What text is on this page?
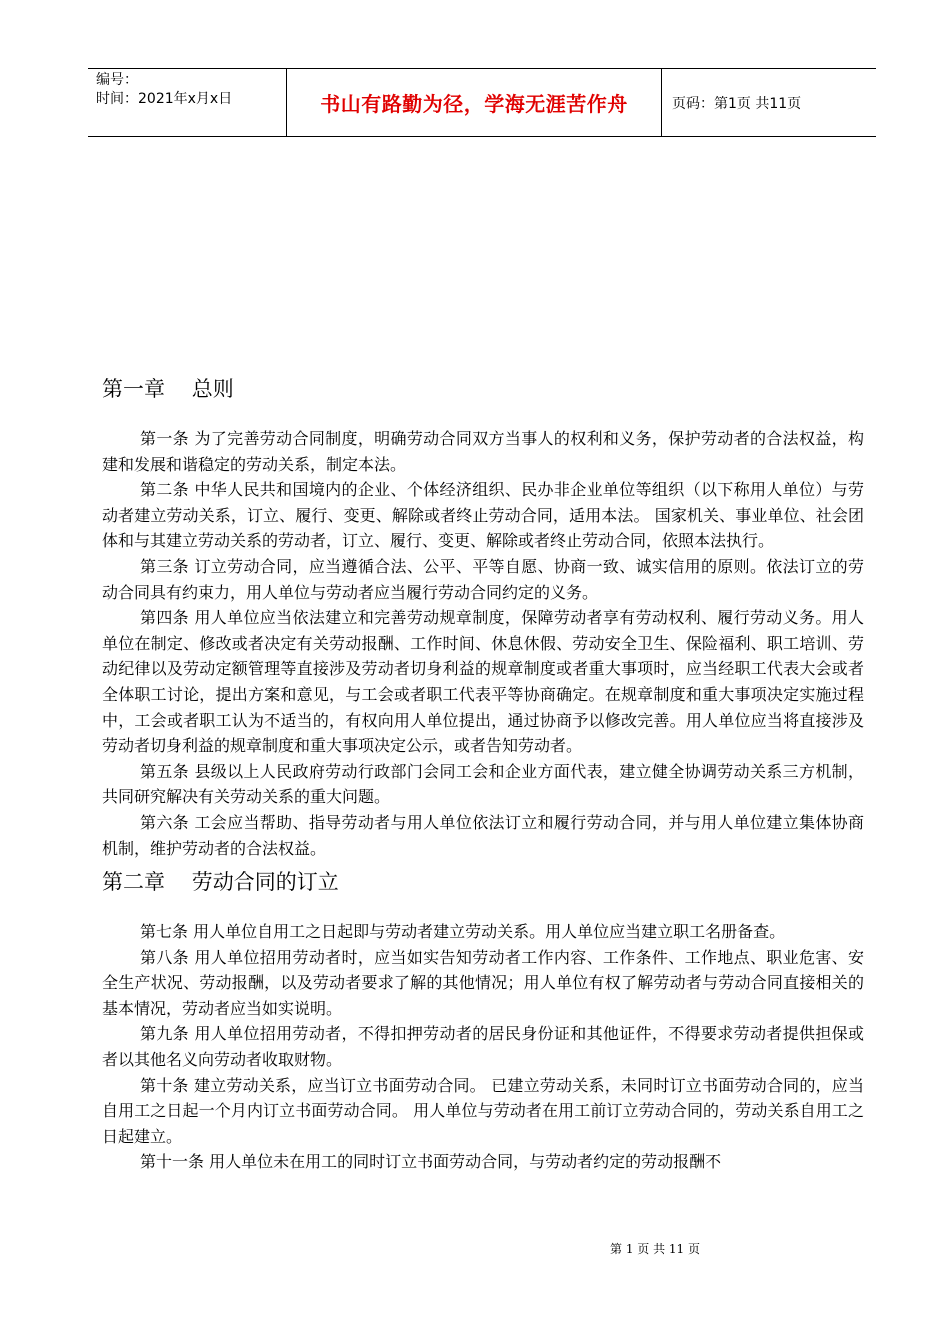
编号：
时间：2021年x月x日	书山有路勤为径，学海无涯苦作舟	页码：第1页 共11页
第一章    总则

第一条 为了完善劳动合同制度，明确劳动合同双方当事人的权利和义务，保护劳动者的合法权益，构建和发展和谐稳定的劳动关系，制定本法。

第二条 中华人民共和国境内的企业、个体经济组织、民办非企业单位等组织（以下称用人单位）与劳动者建立劳动关系，订立、履行、变更、解除或者终止劳动合同，适用本法。 国家机关、事业单位、社会团体和与其建立劳动关系的劳动者，订立、履行、变更、解除或者终止劳动合同，依照本法执行。

第三条 订立劳动合同，应当遵循合法、公平、平等自愿、协商一致、诚实信用的原则。依法订立的劳动合同具有约束力，用人单位与劳动者应当履行劳动合同约定的义务。

第四条 用人单位应当依法建立和完善劳动规章制度，保障劳动者享有劳动权利、履行劳动义务。用人单位在制定、修改或者决定有关劳动报酬、工作时间、休息休假、劳动安全卫生、保险福利、职工培训、劳动纪律以及劳动定额管理等直接涉及劳动者切身利益的规章制度或者重大事项时，应当经职工代表大会或者全体职工讨论，提出方案和意见，与工会或者职工代表平等协商确定。在规章制度和重大事项决定实施过程中，工会或者职工认为不适当的，有权向用人单位提出，通过协商予以修改完善。用人单位应当将直接涉及劳动者切身利益的规章制度和重大事项决定公示，或者告知劳动者。

第五条 县级以上人民政府劳动行政部门会同工会和企业方面代表，建立健全协调劳动关系三方机制，共同研究解决有关劳动关系的重大问题。

第六条 工会应当帮助、指导劳动者与用人单位依法订立和履行劳动合同，并与用人单位建立集体协商机制，维护劳动者的合法权益。

第二章    劳动合同的订立

第七条 用人单位自用工之日起即与劳动者建立劳动关系。用人单位应当建立职工名册备查。

第八条 用人单位招用劳动者时，应当如实告知劳动者工作内容、工作条件、工作地点、职业危害、安全生产状况、劳动报酬，以及劳动者要求了解的其他情况；用人单位有权了解劳动者与劳动合同直接相关的基本情况，劳动者应当如实说明。

第九条 用人单位招用劳动者，不得扣押劳动者的居民身份证和其他证件，不得要求劳动者提供担保或者以其他名义向劳动者收取财物。

第十条 建立劳动关系，应当订立书面劳动合同。 已建立劳动关系，未同时订立书面劳动合同的，应当自用工之日起一个月内订立书面劳动合同。 用人单位与劳动者在用工前订立劳动合同的，劳动关系自用工之日起建立。

第十一条 用人单位未在用工的同时订立书面劳动合同，与劳动者约定的劳动报酬不

第 1 页 共 11 页
